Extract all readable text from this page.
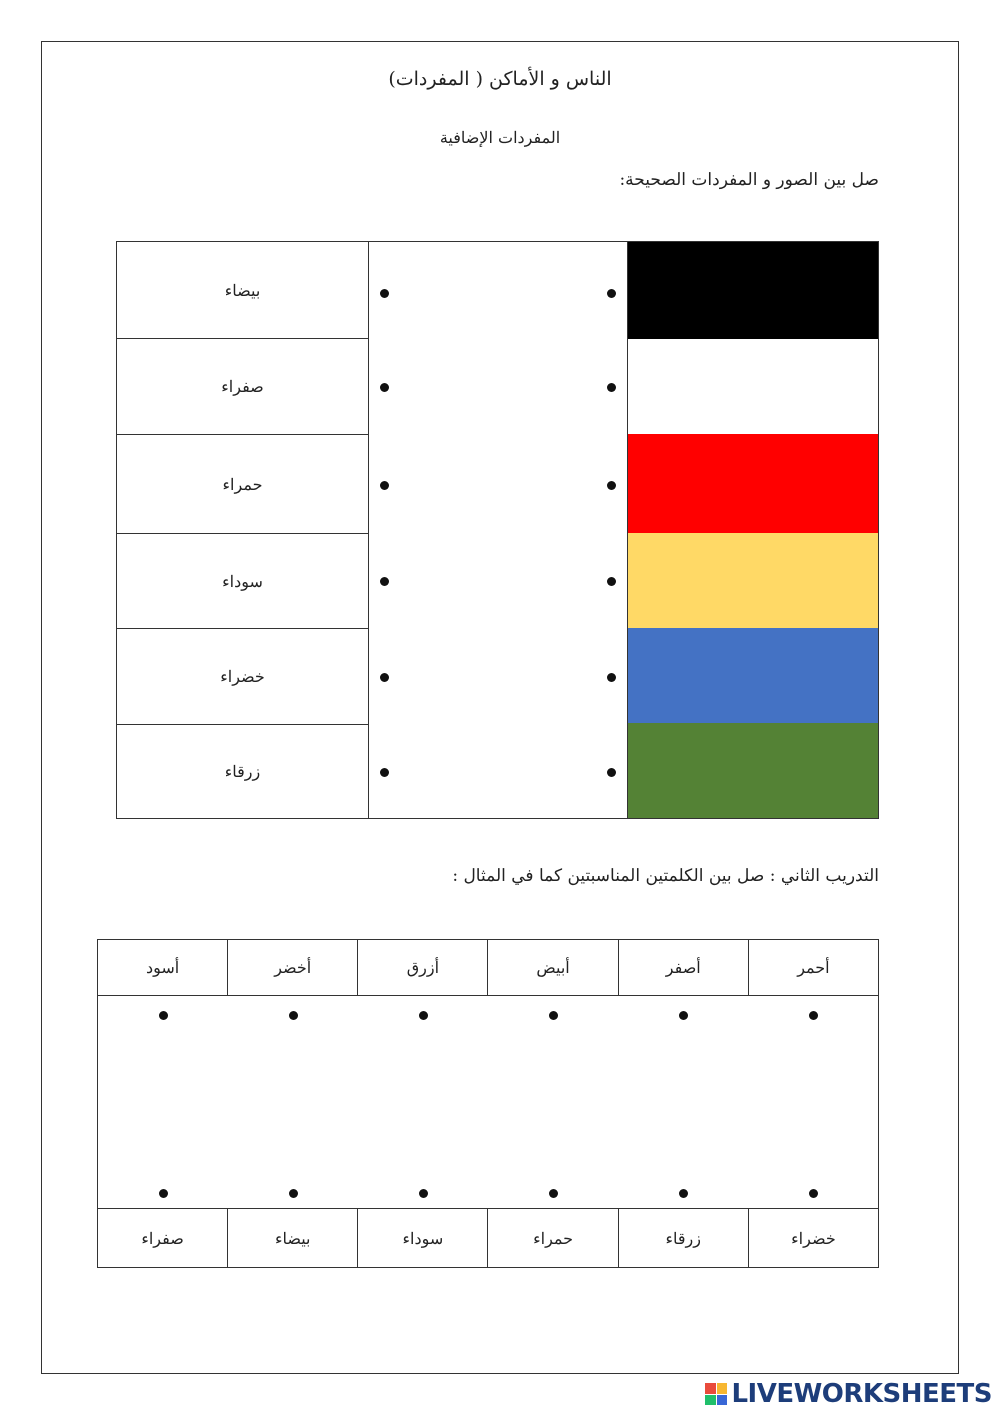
الناس و الأماكن ( المفردات)
المفردات الإضافية
صل بين الصور و المفردات الصحيحة:
بيضاء
صفراء
حمراء
سوداء
خضراء
زرقاء
التدريب الثاني : صل بين الكلمتين المناسبتين كما في المثال :
أحمر
أصفر
أبيض
أزرق
أخضر
أسود
خضراء
زرقاء
حمراء
سوداء
بيضاء
صفراء
LIVEWORKSHEETS
